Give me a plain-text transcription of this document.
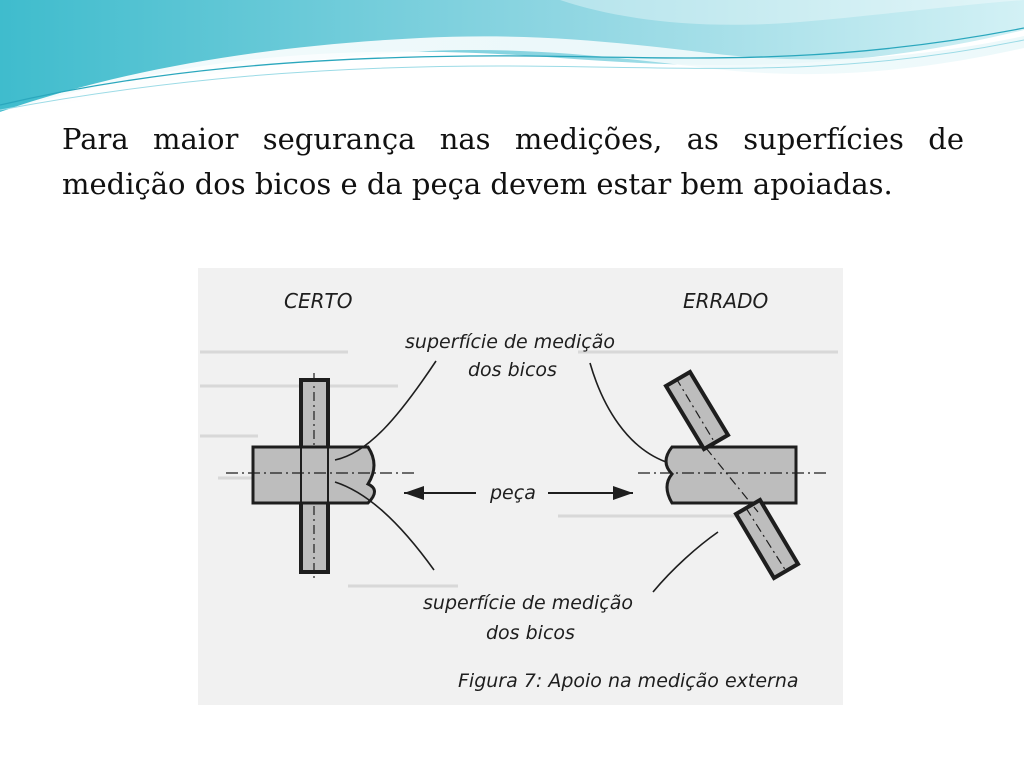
Para maior segurança nas medições, as superfícies de medição dos bicos e da peça devem estar bem apoiadas.

CERTO
superfície de medição
dos bicos
peça
superfície de medição
dos bicos
ERRADO
Figura 7: Apoio na medição externa
